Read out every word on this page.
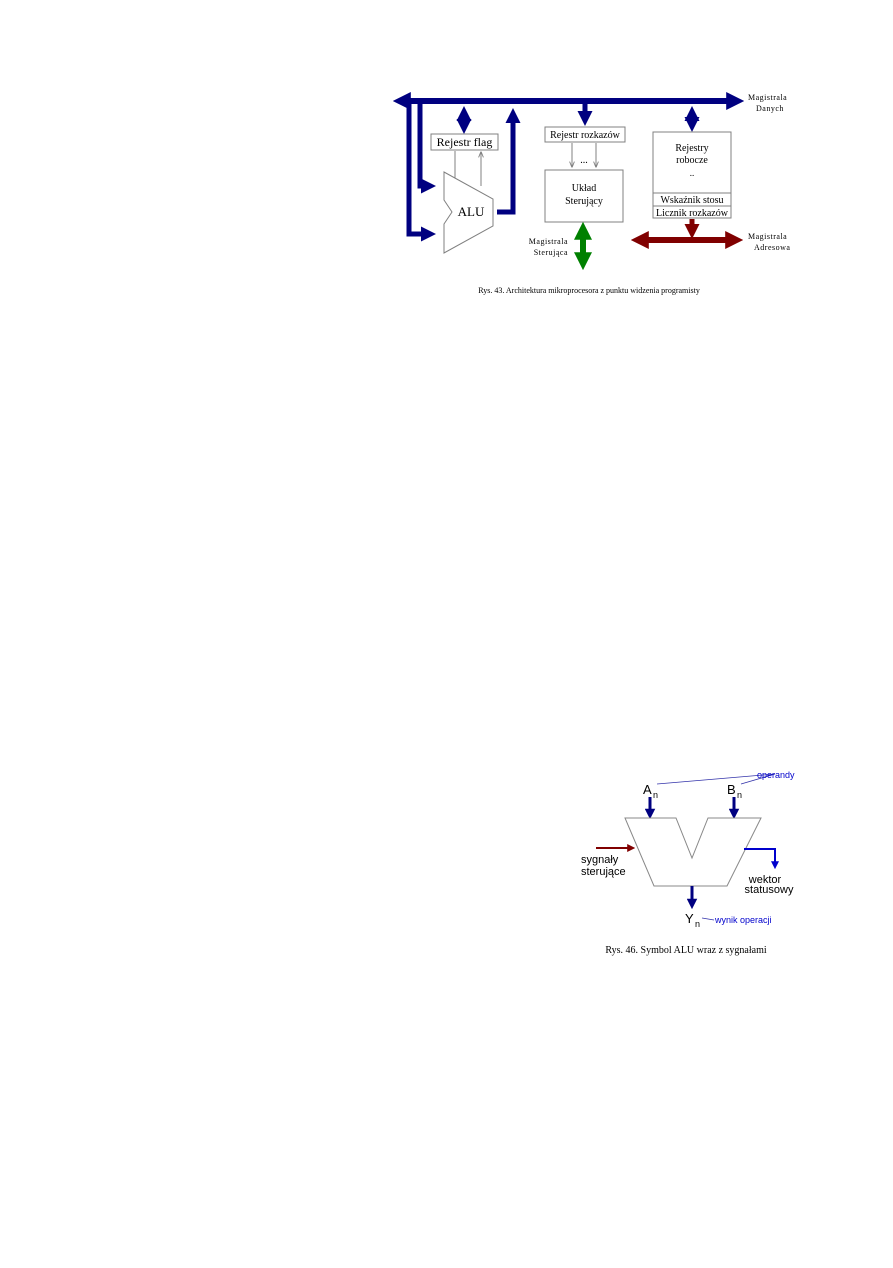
Magistrala
Danych
Rejestr flag
ALU
Rejestr rozkazów
...
Układ
Sterujący
Magistrala
Sterująca
Rejestry
robocze
..
Wskaźnik stosu
Licznik rozkazów
Magistrala
Adresowa
Rys. 43. Architektura mikroprocesora z punktu widzenia programisty
A n	B n
operandy
sygnały
sterujące
wektor
statusowy
Y n wynik operacji
Rys. 46. Symbol ALU wraz z sygnałami
